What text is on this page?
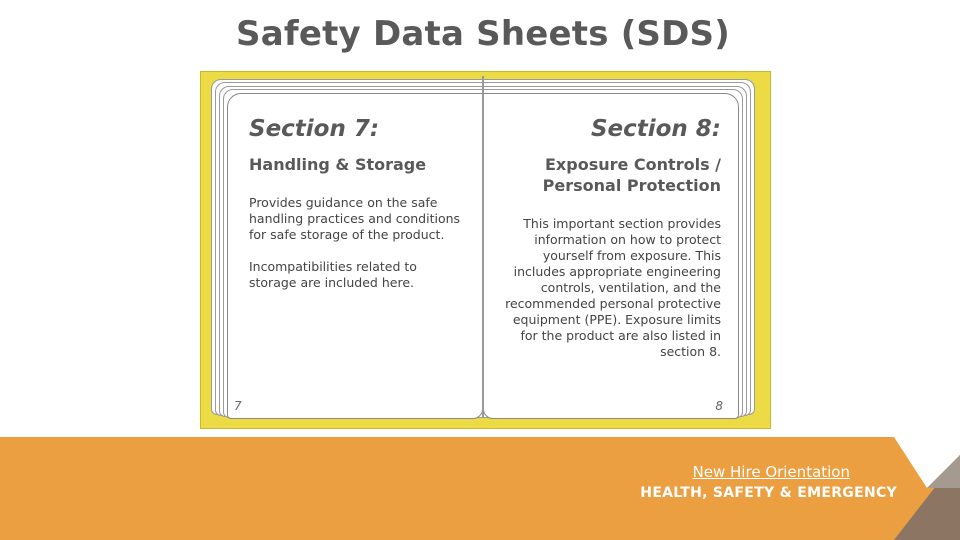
Safety Data Sheets (SDS)
Section 7:
Handling & Storage

Provides guidance on the safe handling practices and conditions for safe storage of the product.

Incompatibilities related to storage are included here.

7
Section 8:
Exposure Controls /
Personal Protection

This important section provides information on how to protect yourself from exposure. This includes appropriate engineering controls, ventilation, and the recommended personal protective equipment (PPE). Exposure limits for the product are also listed in section 8.

8
New Hire Orientation
HEALTH, SAFETY & EMERGENCY
